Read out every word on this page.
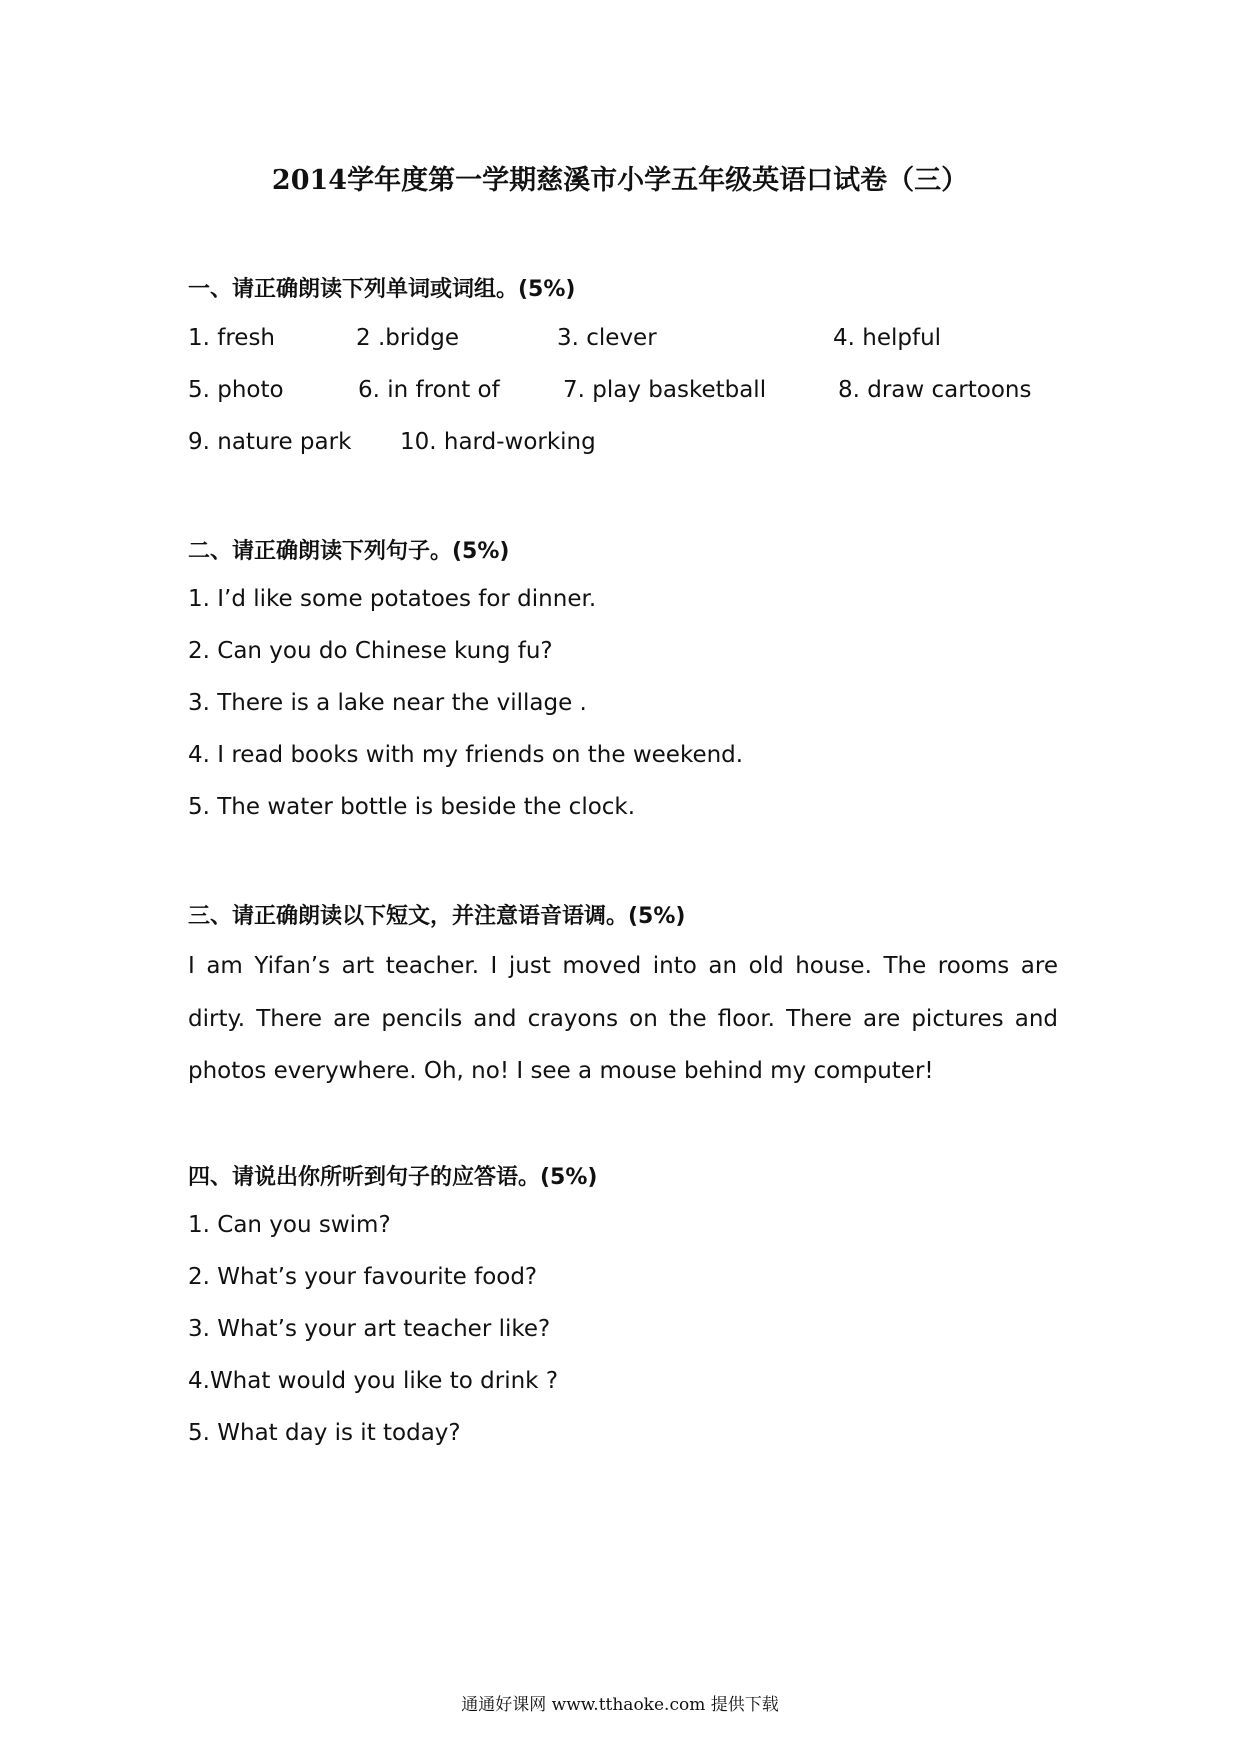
2014学年度第一学期慈溪市小学五年级英语口试卷（三）
一、请正确朗读下列单词或词组。(5%)
1. fresh	2 .bridge	3. clever	4. helpful
5. photo	6. in front of	7. play basketball	8. draw cartoons
9. nature park 10. hard-working
二、请正确朗读下列句子。(5%)
1. I’d like some potatoes for dinner.
2. Can you do Chinese kung fu?
3. There is a lake near the village .
4. I read books with my friends on the weekend.
5. The water bottle is beside the clock.
三、请正确朗读以下短文，并注意语音语调。(5%)
I am Yifan’s art teacher. I just moved into an old house. The rooms are dirty. There are pencils and crayons on the floor. There are pictures and photos everywhere. Oh, no! I see a mouse behind my computer!
四、请说出你所听到句子的应答语。(5%)
1. Can you swim?
2. What’s your favourite food?
3. What’s your art teacher like?
4.What would you like to drink ?
5. What day is it today?
通通好课网 www.tthaoke.com 提供下载
